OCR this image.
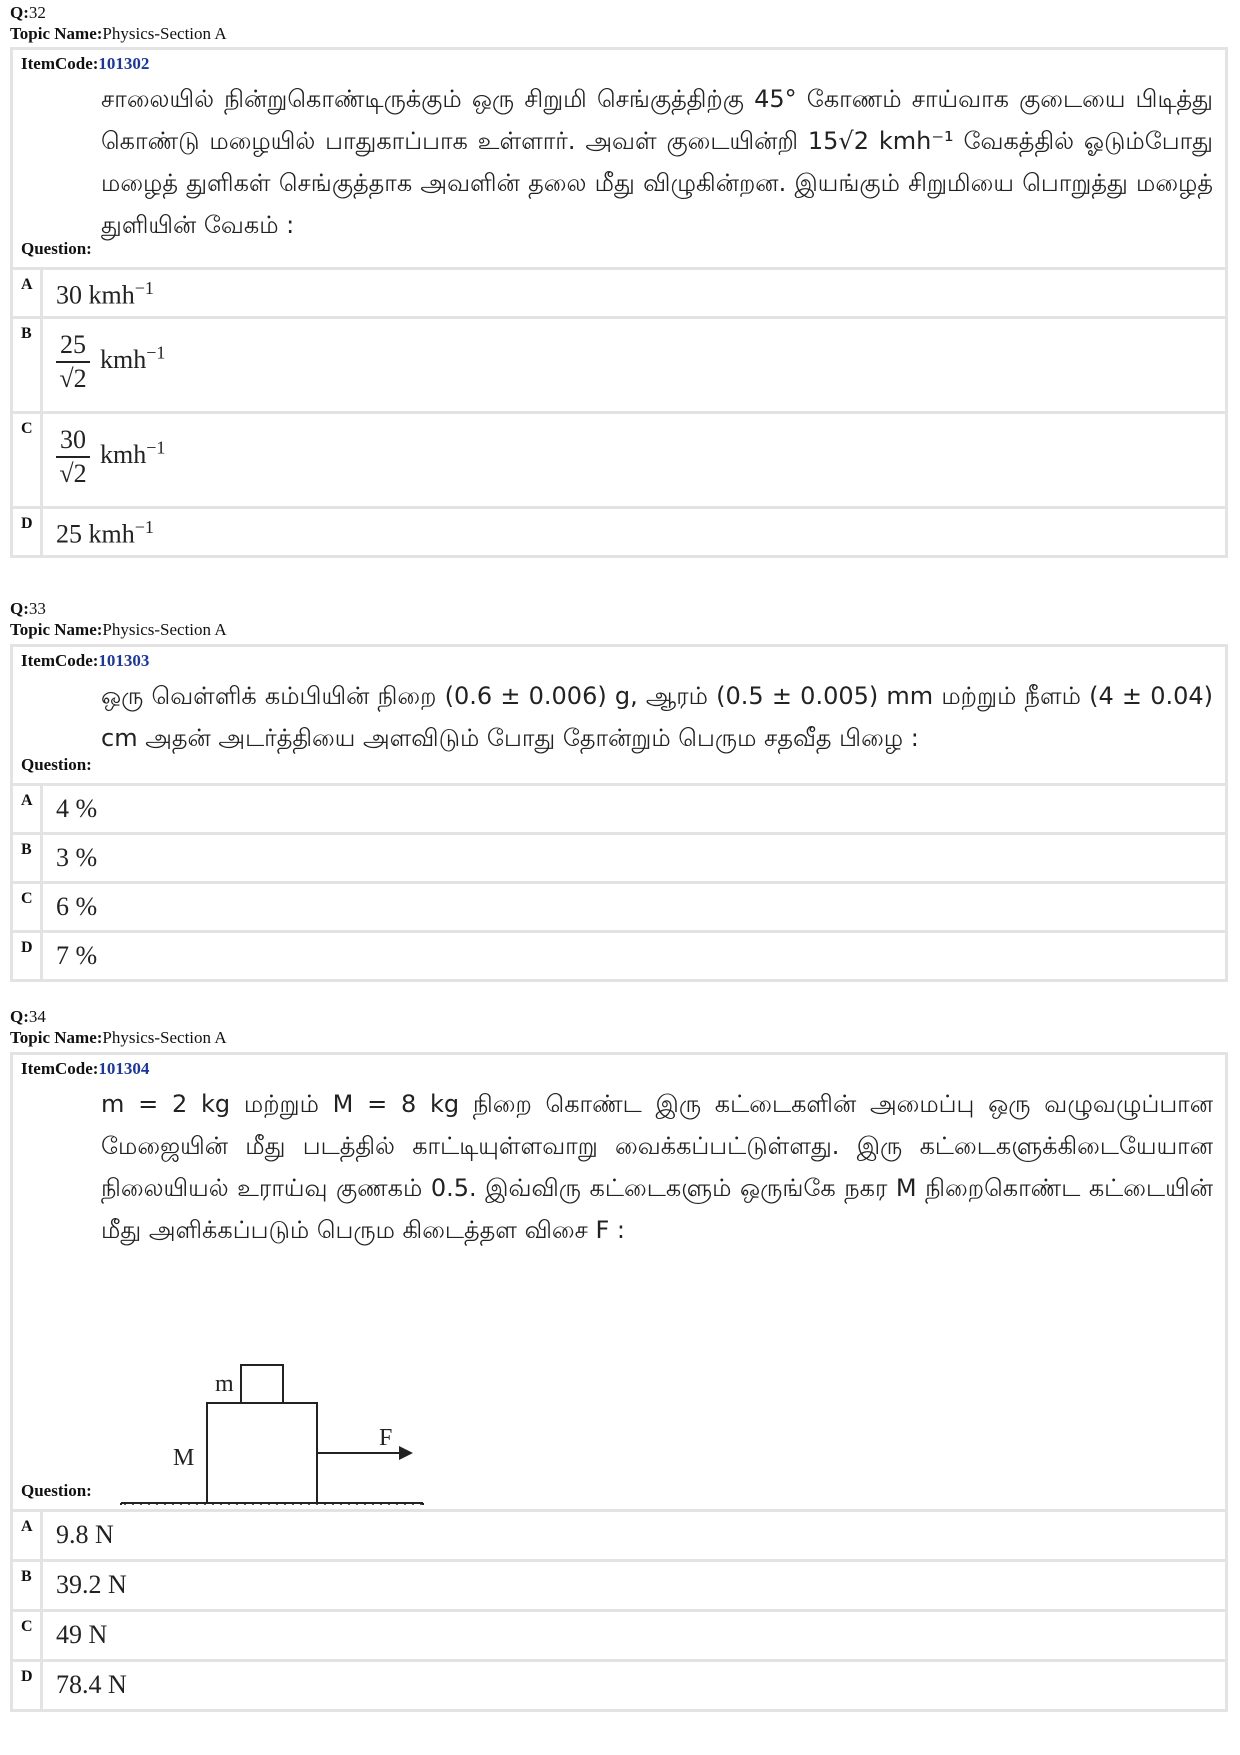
Q:32
Topic Name:Physics-Section A
ItemCode:101302
சாலையில் நின்றுகொண்டிருக்கும் ஒரு சிறுமி செங்குத்திற்கு 45° கோணம் சாய்வாக குடையை பிடித்து கொண்டு மழையில் பாதுகாப்பாக உள்ளார். அவள் குடையின்றி 15√2 kmh⁻¹ வேகத்தில் ஓடும்போது மழைத் துளிகள் செங்குத்தாக அவளின் தலை மீது விழுகின்றன. இயங்கும் சிறுமியை பொறுத்து மழைத் துளியின் வேகம் :
Question:
A 30 kmh$^{-1}$
B $\frac{25}{√2} kmh^{-1}$
C $\frac{30}{√2} kmh^{-1}$
D 25 kmh$^{-1}$
Q:33
Topic Name:Physics-Section A
ItemCode:101303
ஒரு வெள்ளிக் கம்பியின் நிறை (0.6 ± 0.006) g, ஆரம் (0.5 ± 0.005) mm மற்றும் நீளம் (4 ± 0.04) cm அதன் அடர்த்தியை அளவிடும் போது தோன்றும் பெரும சதவீத பிழை :
Question:
A 4 %
B 3 %
C 6 %
D 7 %
Q:34
Topic Name:Physics-Section A
ItemCode:101304
m = 2 kg மற்றும் M = 8 kg நிறை கொண்ட இரு கட்டைகளின் அமைப்பு ஒரு வழுவழுப்பான மேஜையின் மீது படத்தில் காட்டியுள்ளவாறு வைக்கப்பட்டுள்ளது. இரு கட்டைகளுக்கிடையேயான நிலையியல் உராய்வு குணகம் 0.5. இவ்விரு கட்டைகளும் ஒருங்கே நகர M நிறைகொண்ட கட்டையின் மீது அளிக்கப்படும் பெரும கிடைத்தள விசை F :
m
M
F
Question:
A 9.8 N
B 39.2 N
C 49 N
D 78.4 N
